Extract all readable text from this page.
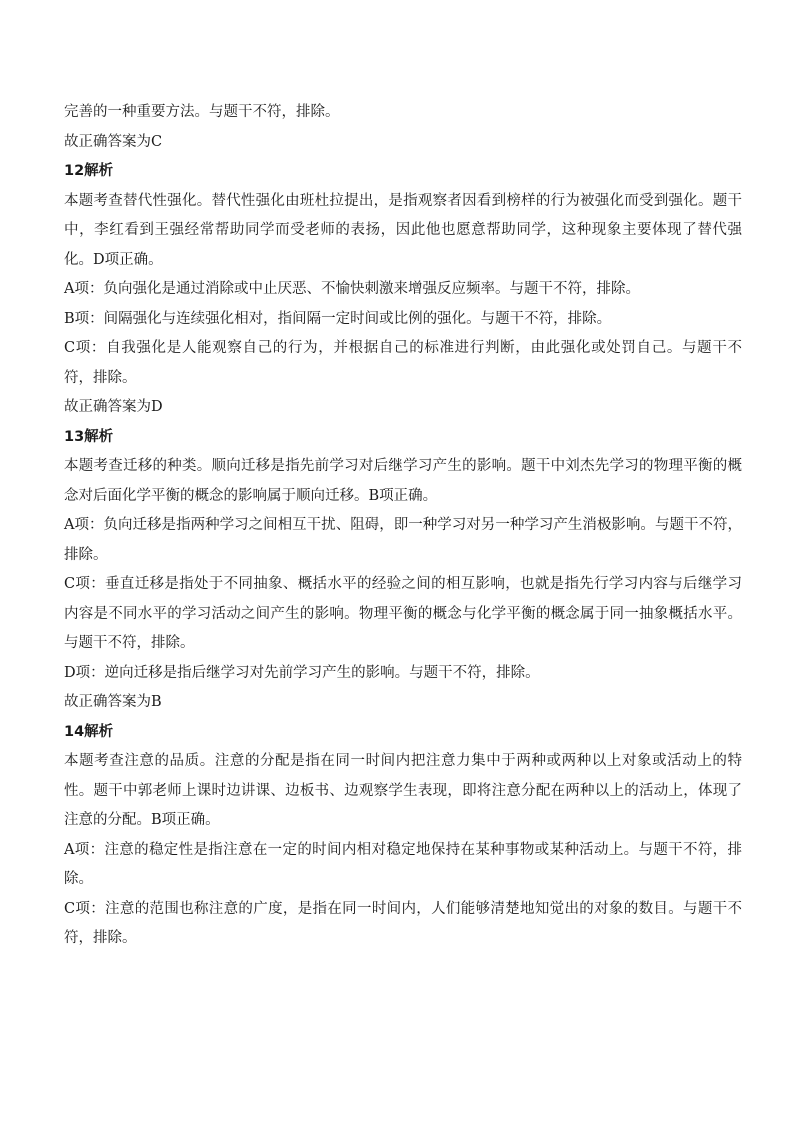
完善的一种重要方法。与题干不符，排除。

故正确答案为C

12解析

本题考查替代性强化。替代性强化由班杜拉提出，是指观察者因看到榜样的行为被强化而受到强化。题干中，李红看到王强经常帮助同学而受老师的表扬，因此他也愿意帮助同学，这种现象主要体现了替代强化。D项正确。

A项：负向强化是通过消除或中止厌恶、不愉快刺激来增强反应频率。与题干不符，排除。

B项：间隔强化与连续强化相对，指间隔一定时间或比例的强化。与题干不符，排除。

C项：自我强化是人能观察自己的行为，并根据自己的标准进行判断，由此强化或处罚自己。与题干不符，排除。

故正确答案为D

13解析

本题考查迁移的种类。顺向迁移是指先前学习对后继学习产生的影响。题干中刘杰先学习的物理平衡的概念对后面化学平衡的概念的影响属于顺向迁移。B项正确。

A项：负向迁移是指两种学习之间相互干扰、阻碍，即一种学习对另一种学习产生消极影响。与题干不符，排除。

C项：垂直迁移是指处于不同抽象、概括水平的经验之间的相互影响，也就是指先行学习内容与后继学习内容是不同水平的学习活动之间产生的影响。物理平衡的概念与化学平衡的概念属于同一抽象概括水平。与题干不符，排除。

D项：逆向迁移是指后继学习对先前学习产生的影响。与题干不符，排除。

故正确答案为B

14解析

本题考查注意的品质。注意的分配是指在同一时间内把注意力集中于两种或两种以上对象或活动上的特性。题干中郭老师上课时边讲课、边板书、边观察学生表现，即将注意分配在两种以上的活动上，体现了注意的分配。B项正确。

A项：注意的稳定性是指注意在一定的时间内相对稳定地保持在某种事物或某种活动上。与题干不符，排除。

C项：注意的范围也称注意的广度，是指在同一时间内，人们能够清楚地知觉出的对象的数目。与题干不符，排除。
